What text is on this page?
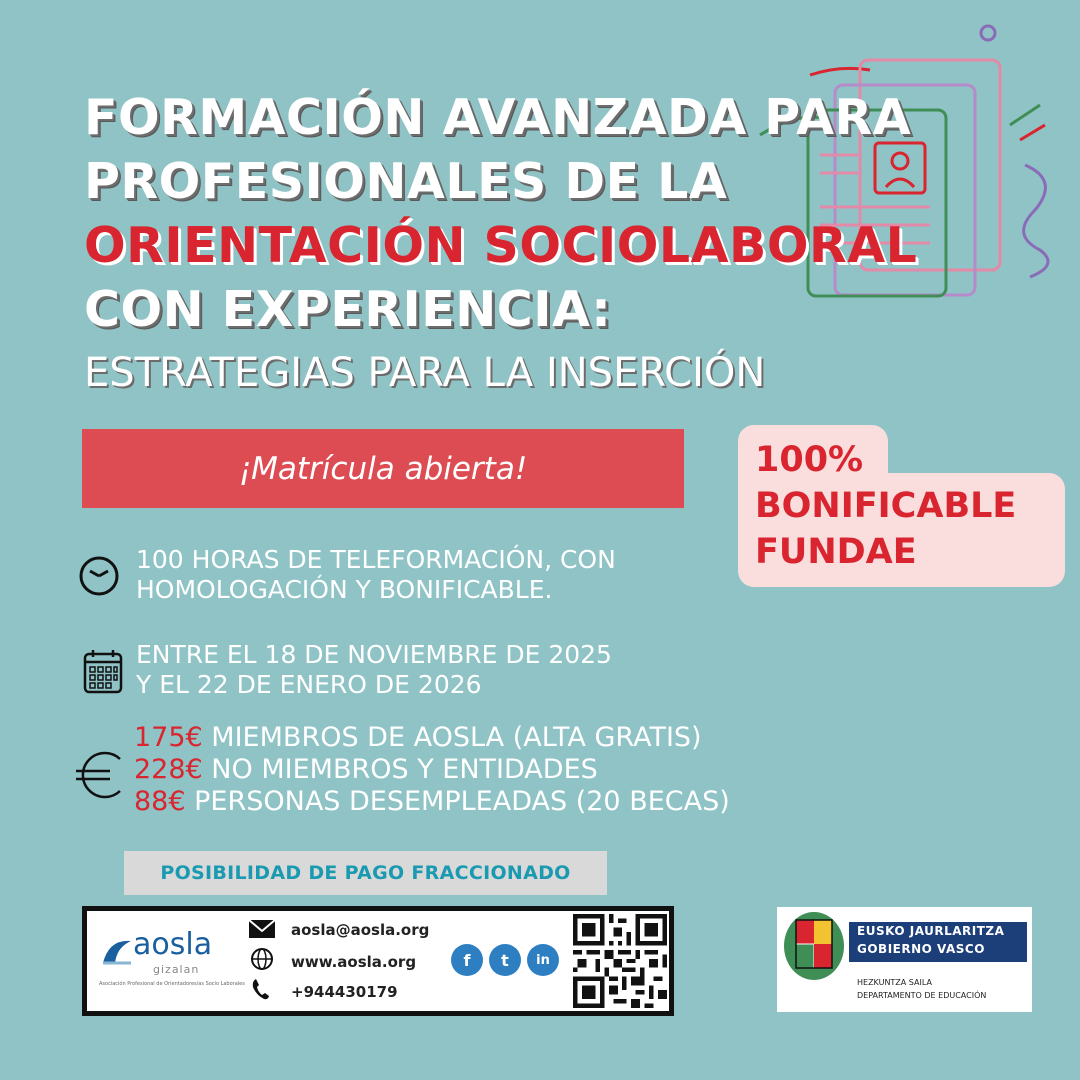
FORMACIÓN AVANZADA PARA
PROFESIONALES DE LA
ORIENTACIÓN SOCIOLABORAL
CON EXPERIENCIA:
ESTRATEGIAS PARA LA INSERCIÓN
¡Matrícula abierta!	100%
BONIFICABLE
FUNDAE
100 HORAS DE TELEFORMACIÓN, CON
HOMOLOGACIÓN Y BONIFICABLE.
ENTRE EL 18 DE NOVIEMBRE DE 2025
Y EL 22 DE ENERO DE 2026
175€ MIEMBROS DE AOSLA (ALTA GRATIS)
228€ NO MIEMBROS Y ENTIDADES
88€ PERSONAS DESEMPLEADAS (20 BECAS)
POSIBILIDAD DE PAGO FRACCIONADO
aosla
gizalan
Asociación Profesional de Orientadores/as Socio Laborales
aosla@aosla.org
www.aosla.org
+944430179
f	t	in
EUSKO JAURLARITZA
GOBIERNO VASCO
HEZKUNTZA SAILA
DEPARTAMENTO DE EDUCACIÓN
